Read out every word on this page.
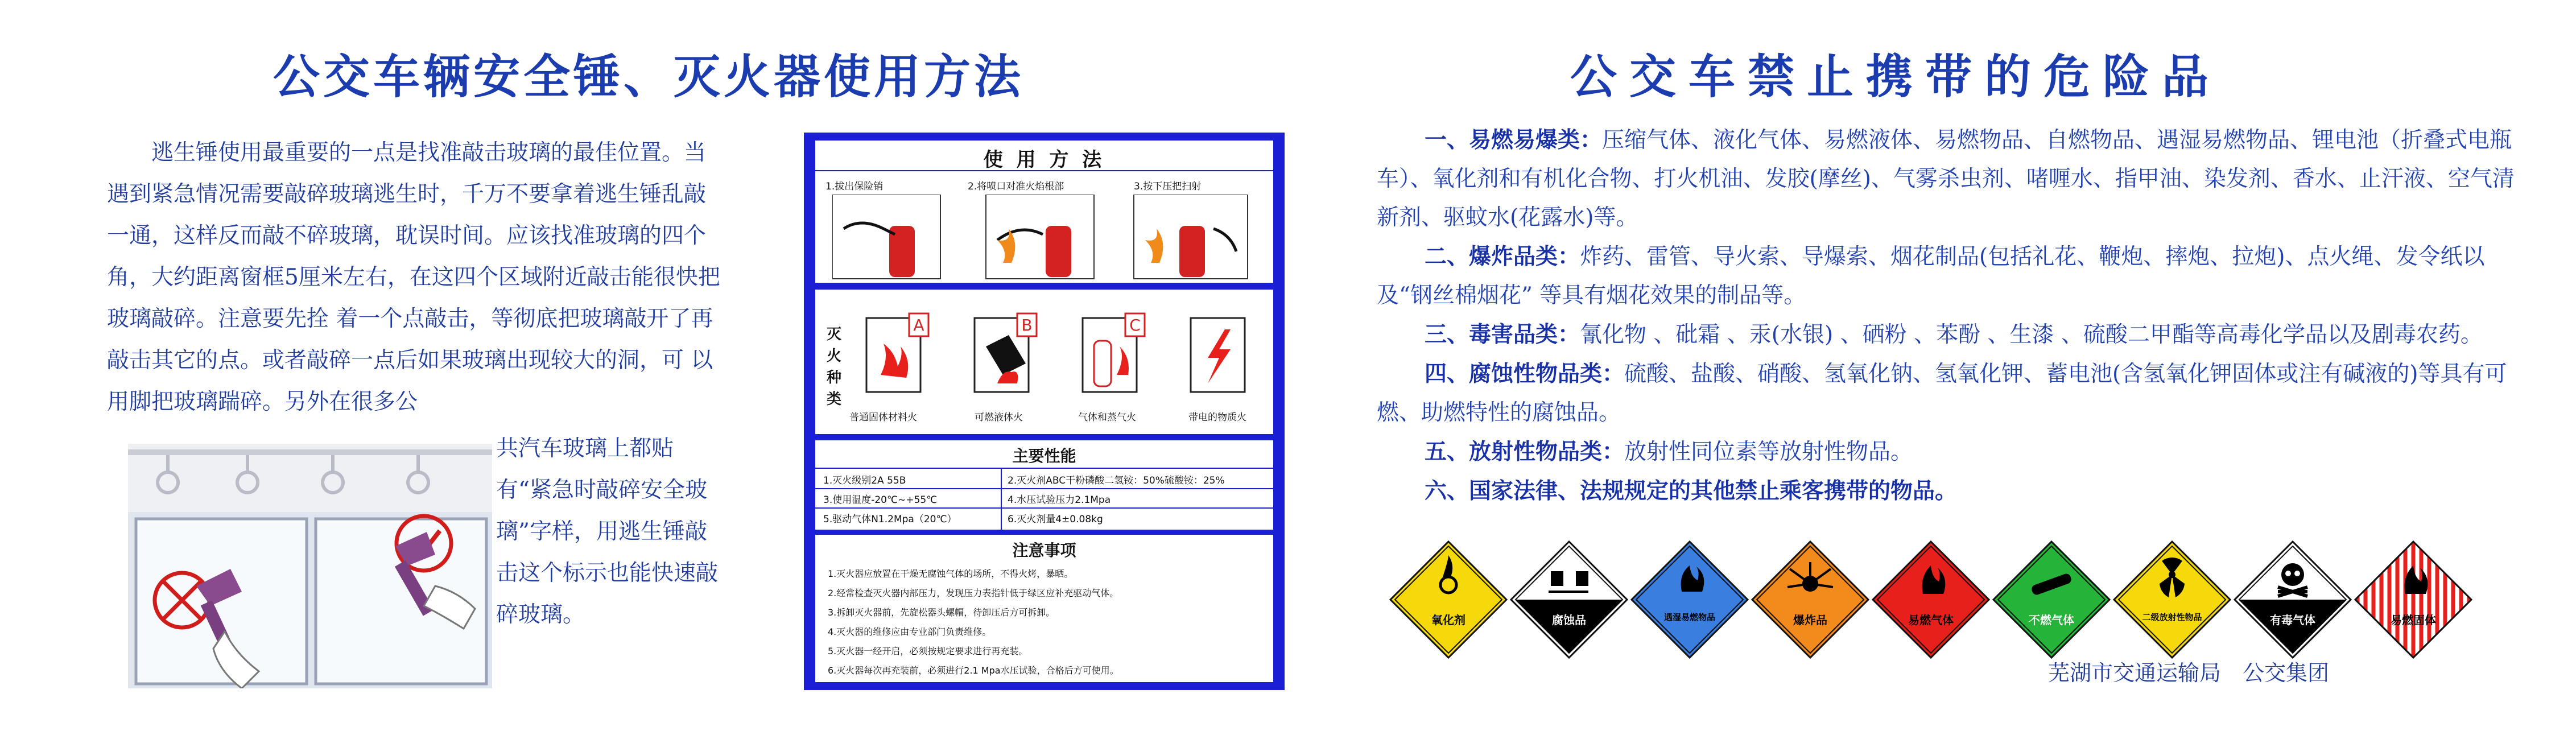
公交车辆安全锤、灭火器使用方法	公交车禁止携带的危险品

逃生锤使用最重要的一点是找准敲击玻璃的最佳位置。当遇到紧急情况需要敲碎玻璃逃生时，千万不要拿着逃生锤乱敲一通，这样反而敲不碎玻璃，耽误时间。应该找准玻璃的四个角，大约距离窗框5厘米左右，在这四个区域附近敲击能很快把玻璃敲碎。注意要先拴 着一个点敲击，等彻底把玻璃敲开了再敲击其它的点。或者敲碎一点后如果玻璃出现较大的洞，可 以用脚把玻璃踹碎。另外在很多公

共汽车玻璃上都贴有“紧急时敲碎安全玻璃”字样，用逃生锤敲击这个标示也能快速敲碎玻璃。

使 用 方 法
1.拔出保险销	2.将喷口对准火焰根部	3.按下压把扫射
灭火种类
A	B	C
普通固体材料火	可燃液体火	气体和蒸气火	带电的物质火
主要性能
1.灭火级别2A 55B	2.灭火剂ABC干粉磷酸二氢铵：50%硫酸铵：25%
3.使用温度-20℃~+55℃	4.水压试验压力2.1Mpa
5.驱动气体N1.2Mpa（20℃）	6.灭火剂量4±0.08kg
注意事项
1.灭火器应放置在干燥无腐蚀气体的场所，不得火烤，暴晒。
2.经常检查灭火器内部压力，发现压力表指针低于绿区应补充驱动气体。
3.拆卸灭火器前，先旋松器头螺帽，待卸压后方可拆卸。
4.灭火器的维修应由专业部门负责维修。
5.灭火器一经开启，必须按规定要求进行再充装。
6.灭火器每次再充装前，必须进行2.1 Mpa水压试验，合格后方可使用。

一、易燃易爆类：压缩气体、液化气体、易燃液体、易燃物品、自燃物品、遇湿易燃物品、锂电池（折叠式电瓶车）、氧化剂和有机化合物、打火机油、发胶(摩丝)、气雾杀虫剂、啫喱水、指甲油、染发剂、香水、止汗液、空气清新剂、驱蚊水(花露水)等。

二、爆炸品类：炸药、雷管、导火索、导爆索、烟花制品(包括礼花、鞭炮、摔炮、拉炮)、点火绳、发令纸以及“钢丝棉烟花” 等具有烟花效果的制品等。

三、毒害品类：氰化物 、砒霜 、汞(水银) 、硒粉 、苯酚 、生漆 、硫酸二甲酯等高毒化学品以及剧毒农药。

四、腐蚀性物品类：硫酸、盐酸、硝酸、氢氧化钠、氢氧化钾、蓄电池(含氢氧化钾固体或注有碱液的)等具有可燃、助燃特性的腐蚀品。

五、放射性物品类：放射性同位素等放射性物品。

六、国家法律、法规规定的其他禁止乘客携带的物品。

氧化剂	腐蚀品	遇湿易燃物品	爆炸品	易燃气体	不燃气体	二级放射性物品	有毒气体	易燃固体
芜湖市交通运输局　公交集团
